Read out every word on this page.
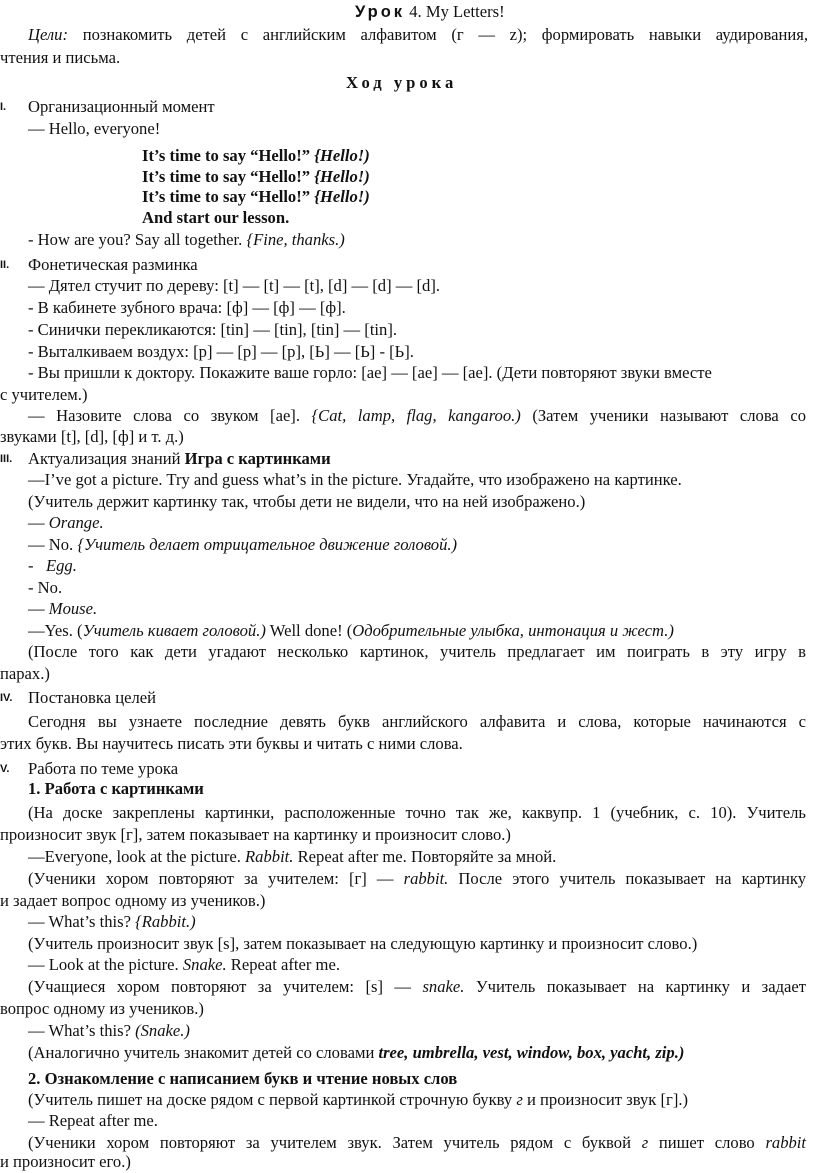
Урок 4. My Letters!
Цели: познакомить детей с английским алфавитом (г — z); формировать навыки аудирования,
чтения и письма.
Ход урока
I. Организационный момент
— Hello, everyone!
It’s time to say “Hello!” {Hello!)
It’s time to say “Hello!” {Hello!)
It’s time to say “Hello!” {Hello!)
And start our lesson.
- How are you? Say all together. {Fine, thanks.)
II. Фонетическая разминка
— Дятел стучит по дереву: [t] — [t] — [t], [d] — [d] — [d].
- В кабинете зубного врача: [ф] — [ф] — [ф].
- Синички перекликаются: [tin] — [tin], [tin] — [tin].
- Выталкиваем воздух: [p] — [p] — [p], [Ь] — [Ь] - [Ь].
- Вы пришли к доктору. Покажите ваше горло: [ae] — [ae] — [ae]. (Дети повторяют звуки вместе
с учителем.)
— Назовите слова со звуком [ae]. {Cat, lamp, flag, kangaroo.) (Затем ученики называют слова со
звуками [t], [d], [ф] и т. д.)
III. Актуализация знаний Игра с картинками
—I’ve got a picture. Try and guess what’s in the picture. Угадайте, что изображено на картинке.
(Учитель держит картинку так, чтобы дети не видели, что на ней изображено.)
— Orange.
— No. {Учитель делает отрицательное движение головой.)
- Egg.
- No.
— Mouse.
—Yes. (Учитель кивает головой.) Well done! (Одобрительные улыбка, интонация и жест.)
(После того как дети угадают несколько картинок, учитель предлагает им поиграть в эту игру в
парах.)
IV. Постановка целей
Сегодня вы узнаете последние девять букв английского алфавита и слова, которые начинаются с
этих букв. Вы научитесь писать эти буквы и читать с ними слова.
V. Работа по теме урока
1. Работа с картинками
(На доске закреплены картинки, расположенные точно так же, каквупр. 1 (учебник, с. 10). Учитель
произносит звук [г], затем показывает на картинку и произносит слово.)
—Everyone, look at the picture. Rabbit. Repeat after me. Повторяйте за мной.
(Ученики хором повторяют за учителем: [г] — rabbit. После этого учитель показывает на картинку
и задает вопрос одному из учеников.)
— What’s this? {Rabbit.)
(Учитель произносит звук [s], затем показывает на следующую картинку и произносит слово.)
— Look at the picture. Snake. Repeat after me.
(Учащиеся хором повторяют за учителем: [s] — snake. Учитель показывает на картинку и задает
вопрос одному из учеников.)
— What’s this? (Snake.)
(Аналогично учитель знакомит детей со словами tree, umbrella, vest, window, box, yacht, zip.)
2. Ознакомление с написанием букв и чтение новых слов
(Учитель пишет на доске рядом с первой картинкой строчную букву г и произносит звук [г].)
— Repeat after me.
(Ученики хором повторяют за учителем звук. Затем учитель рядом с буквой г пишет слово rabbit
и произносит его.)
